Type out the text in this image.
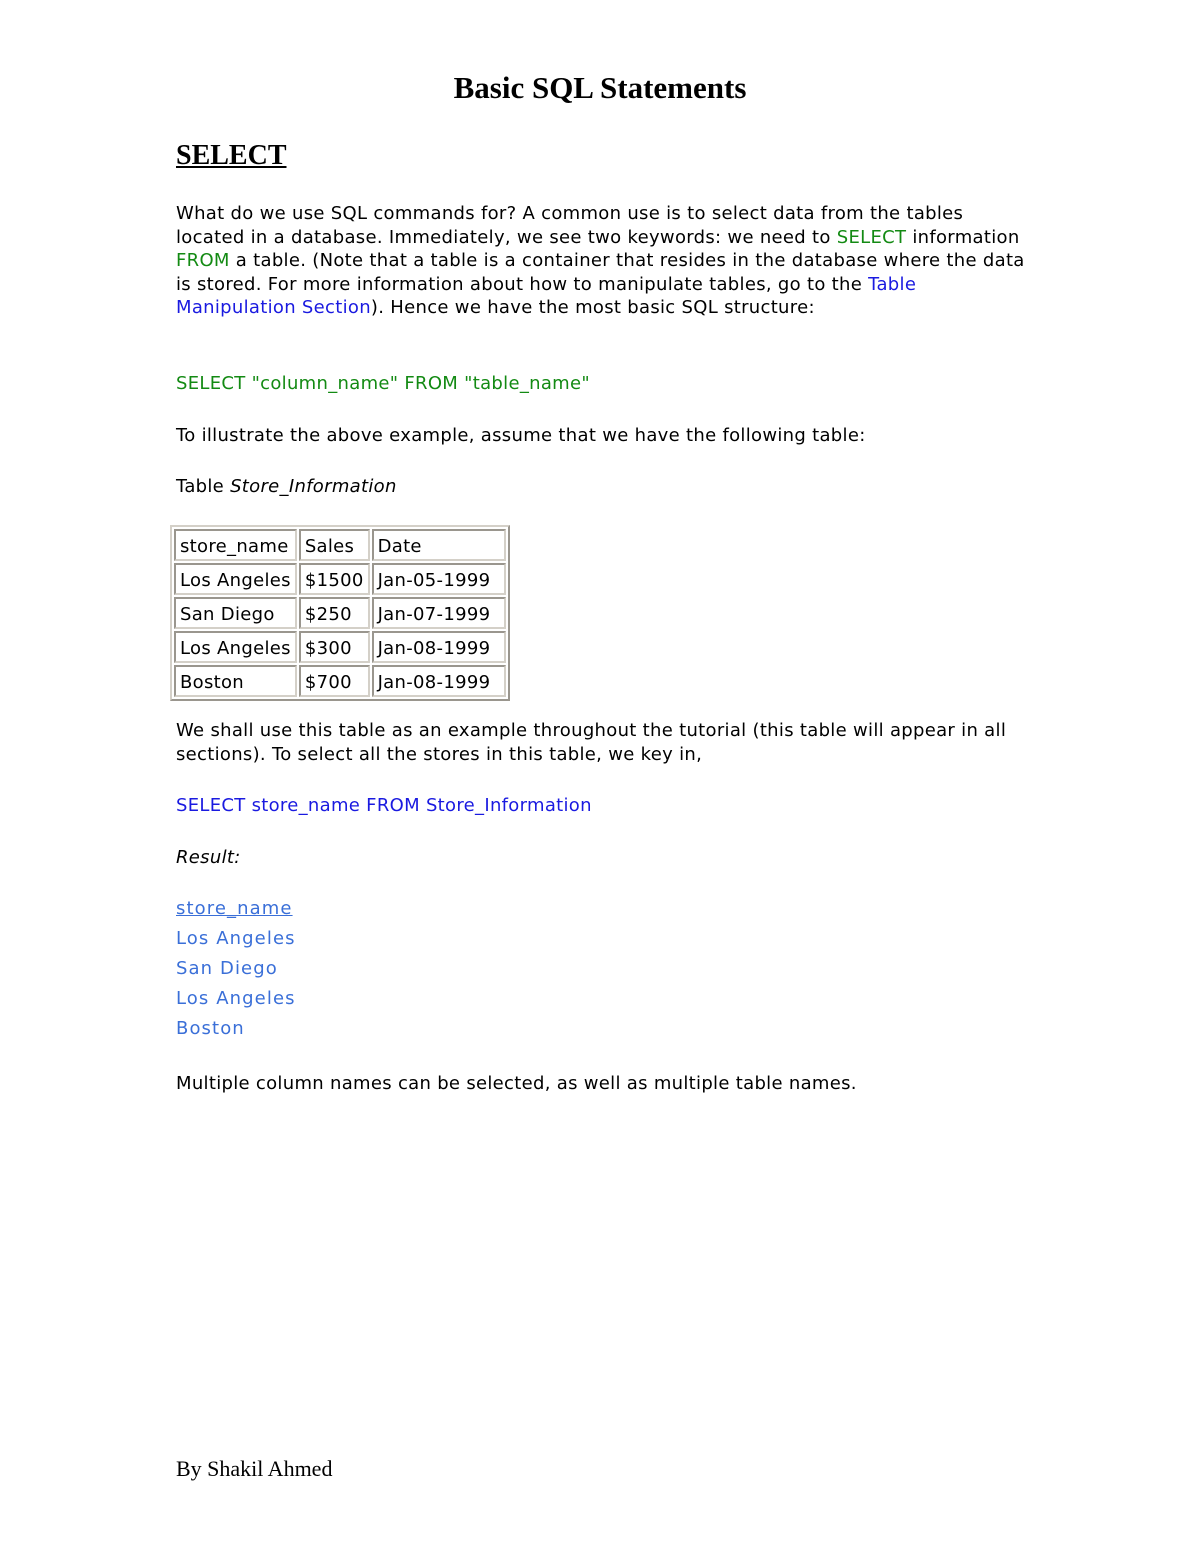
Basic SQL Statements
SELECT

What do we use SQL commands for? A common use is to select data from the tables located in a database. Immediately, we see two keywords: we need to SELECT information FROM a table. (Note that a table is a container that resides in the database where the data is stored. For more information about how to manipulate tables, go to the Table Manipulation Section). Hence we have the most basic SQL structure:

SELECT "column_name" FROM "table_name"

To illustrate the above example, assume that we have the following table:

Table Store_Information

store_name	Sales	Date
Los Angeles	$1500	Jan-05-1999
San Diego	$250	Jan-07-1999
Los Angeles	$300	Jan-08-1999
Boston	$700	Jan-08-1999

We shall use this table as an example throughout the tutorial (this table will appear in all sections). To select all the stores in this table, we key in,

SELECT store_name FROM Store_Information

Result:

store_name
Los Angeles
San Diego
Los Angeles
Boston

Multiple column names can be selected, as well as multiple table names.

By Shakil Ahmed
